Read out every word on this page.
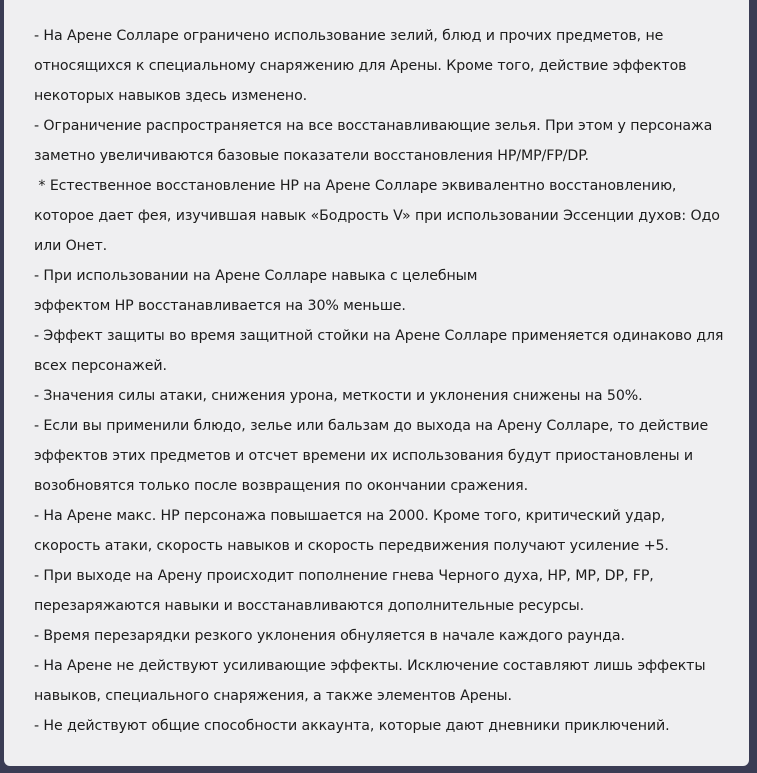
- На Арене Солларе ограничено использование зелий, блюд и прочих предметов, не
относящихся к специальному снаряжению для Арены. Кроме того, действие эффектов
некоторых навыков здесь изменено.
- Ограничение распространяется на все восстанавливающие зелья. При этом у персонажа
заметно увеличиваются базовые показатели восстановления HP/MP/FP/DP.
* Естественное восстановление HP на Арене Солларе эквивалентно восстановлению,
которое дает фея, изучившая навык «Бодрость V» при использовании Эссенции духов: Одо
или Онет.
- При использовании на Арене Солларе навыка с целебным
эффектом HP восстанавливается на 30% меньше.
- Эффект защиты во время защитной стойки на Арене Солларе применяется одинаково для
всех персонажей.
- Значения силы атаки, снижения урона, меткости и уклонения снижены на 50%.
- Если вы применили блюдо, зелье или бальзам до выхода на Арену Солларе, то действие
эффектов этих предметов и отсчет времени их использования будут приостановлены и
возобновятся только после возвращения по окончании сражения.
- На Арене макс. HP персонажа повышается на 2000. Кроме того, критический удар,
скорость атаки, скорость навыков и скорость передвижения получают усиление +5.
- При выходе на Арену происходит пополнение гнева Черного духа, HP, MP, DP, FP,
перезаряжаются навыки и восстанавливаются дополнительные ресурсы.
- Время перезарядки резкого уклонения обнуляется в начале каждого раунда.
- На Арене не действуют усиливающие эффекты. Исключение составляют лишь эффекты
навыков, специального снаряжения, а также элементов Арены.
- Не действуют общие способности аккаунта, которые дают дневники приключений.
